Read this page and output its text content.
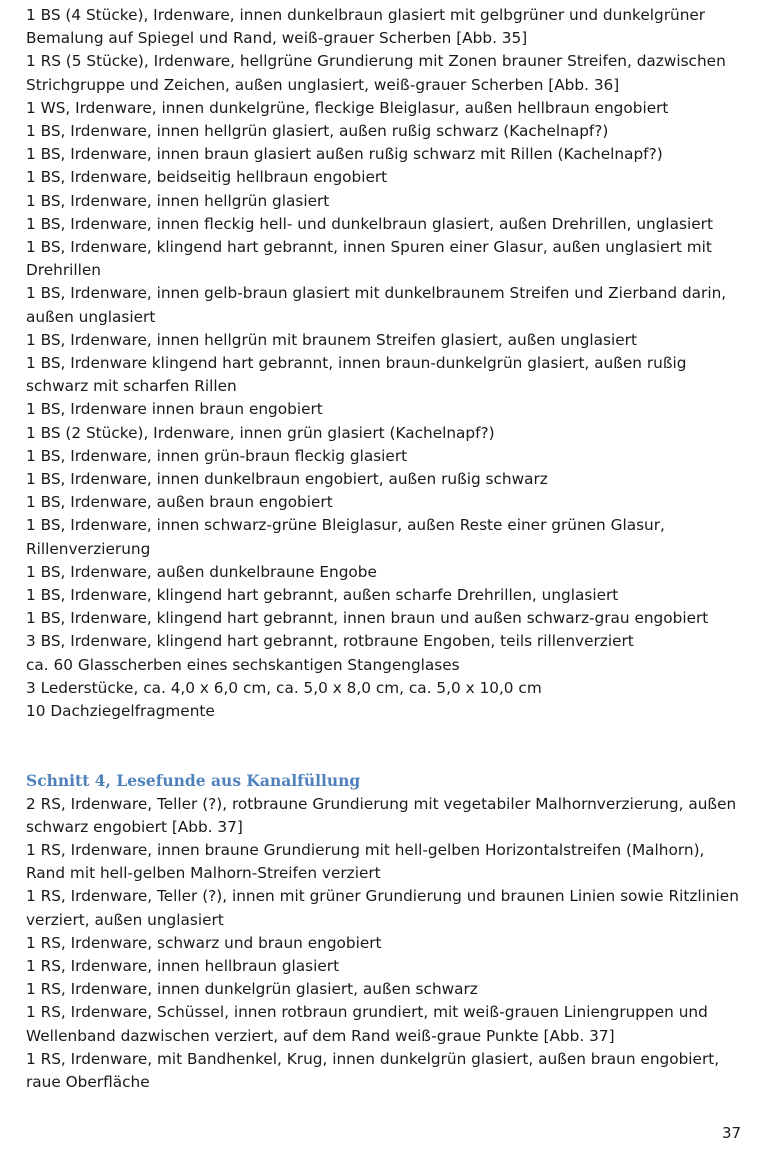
1 BS (4 Stücke), Irdenware, innen dunkelbraun glasiert mit gelbgrüner und dunkelgrüner Bemalung auf Spiegel und Rand, weiß-grauer Scherben [Abb. 35]

1 RS (5 Stücke), Irdenware, hellgrüne Grundierung mit Zonen brauner Streifen, dazwischen Strichgruppe und Zeichen, außen unglasiert, weiß-grauer Scherben [Abb. 36]

1 WS, Irdenware, innen dunkelgrüne, fleckige Bleiglasur, außen hellbraun engobiert

1 BS, Irdenware, innen hellgrün glasiert, außen rußig schwarz (Kachelnapf?)

1 BS, Irdenware, innen braun glasiert außen rußig schwarz mit Rillen (Kachelnapf?)

1 BS, Irdenware, beidseitig hellbraun engobiert

1 BS, Irdenware, innen hellgrün glasiert

1 BS, Irdenware, innen fleckig hell- und dunkelbraun glasiert, außen Drehrillen, unglasiert

1 BS, Irdenware, klingend hart gebrannt, innen Spuren einer Glasur, außen unglasiert mit Drehrillen

1 BS, Irdenware, innen gelb-braun glasiert mit dunkelbraunem Streifen und Zierband darin, außen unglasiert

1 BS, Irdenware, innen hellgrün mit braunem Streifen glasiert, außen unglasiert

1 BS, Irdenware klingend hart gebrannt, innen braun-dunkelgrün glasiert, außen rußig schwarz mit scharfen Rillen

1 BS, Irdenware innen braun engobiert

1 BS (2 Stücke), Irdenware, innen grün glasiert (Kachelnapf?)

1 BS, Irdenware, innen grün-braun fleckig glasiert

1 BS, Irdenware, innen dunkelbraun engobiert, außen rußig schwarz

1 BS, Irdenware, außen braun engobiert

1 BS, Irdenware, innen schwarz-grüne Bleiglasur, außen Reste einer grünen Glasur, Rillenverzierung

1 BS, Irdenware, außen dunkelbraune Engobe

1 BS, Irdenware, klingend hart gebrannt, außen scharfe Drehrillen, unglasiert

1 BS, Irdenware, klingend hart gebrannt, innen braun und außen schwarz-grau engobiert

3 BS, Irdenware, klingend hart gebrannt, rotbraune Engoben, teils rillenverziert

ca. 60 Glasscherben eines sechskantigen Stangenglases

3 Lederstücke, ca. 4,0 x 6,0 cm, ca. 5,0 x 8,0 cm, ca. 5,0 x 10,0 cm

10 Dachziegelfragmente

Schnitt 4, Lesefunde aus Kanalfüllung

2 RS, Irdenware, Teller (?), rotbraune Grundierung mit vegetabiler Malhornverzierung, außen schwarz engobiert [Abb. 37]

1 RS, Irdenware, innen braune Grundierung mit hell-gelben Horizontalstreifen (Malhorn), Rand mit hell-gelben Malhorn-Streifen verziert

1 RS, Irdenware, Teller (?), innen mit grüner Grundierung und braunen Linien sowie Ritzlinien verziert, außen unglasiert

1 RS, Irdenware, schwarz und braun engobiert

1 RS, Irdenware, innen hellbraun glasiert

1 RS, Irdenware, innen dunkelgrün glasiert, außen schwarz

1 RS, Irdenware, Schüssel, innen rotbraun grundiert, mit weiß-grauen Liniengruppen und Wellenband dazwischen verziert, auf dem Rand weiß-graue Punkte [Abb. 37]

1 RS, Irdenware, mit Bandhenkel, Krug, innen dunkelgrün glasiert, außen braun engobiert, raue Oberfläche

37
